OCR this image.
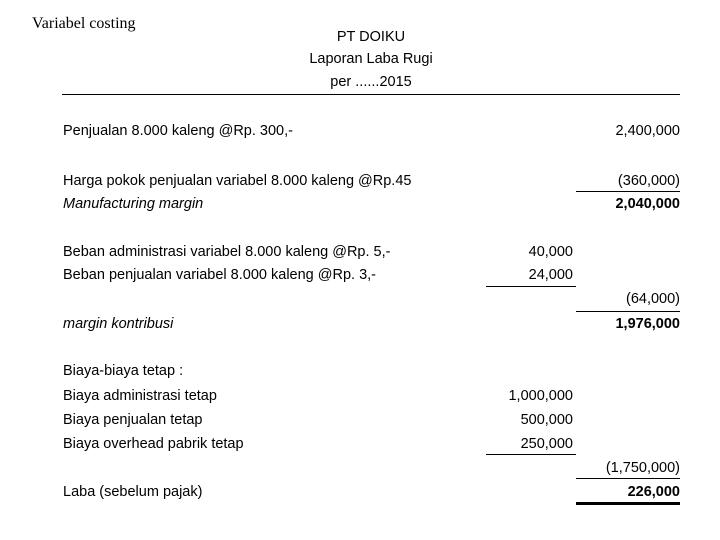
Variabel costing
PT DOIKU
Laporan Laba Rugi
per ......2015
Penjualan 8.000 kaleng @Rp. 300,-	2,400,000
Harga pokok penjualan variabel 8.000 kaleng @Rp.45	(360,000)
Manufacturing margin	2,040,000
Beban administrasi variabel 8.000 kaleng @Rp. 5,-	40,000
Beban penjualan variabel 8.000 kaleng @Rp. 3,-	24,000
(64,000)
margin kontribusi	1,976,000
Biaya-biaya tetap :
Biaya administrasi tetap	1,000,000
Biaya penjualan tetap	500,000
Biaya overhead pabrik tetap	250,000
(1,750,000)
Laba (sebelum pajak)	226,000
